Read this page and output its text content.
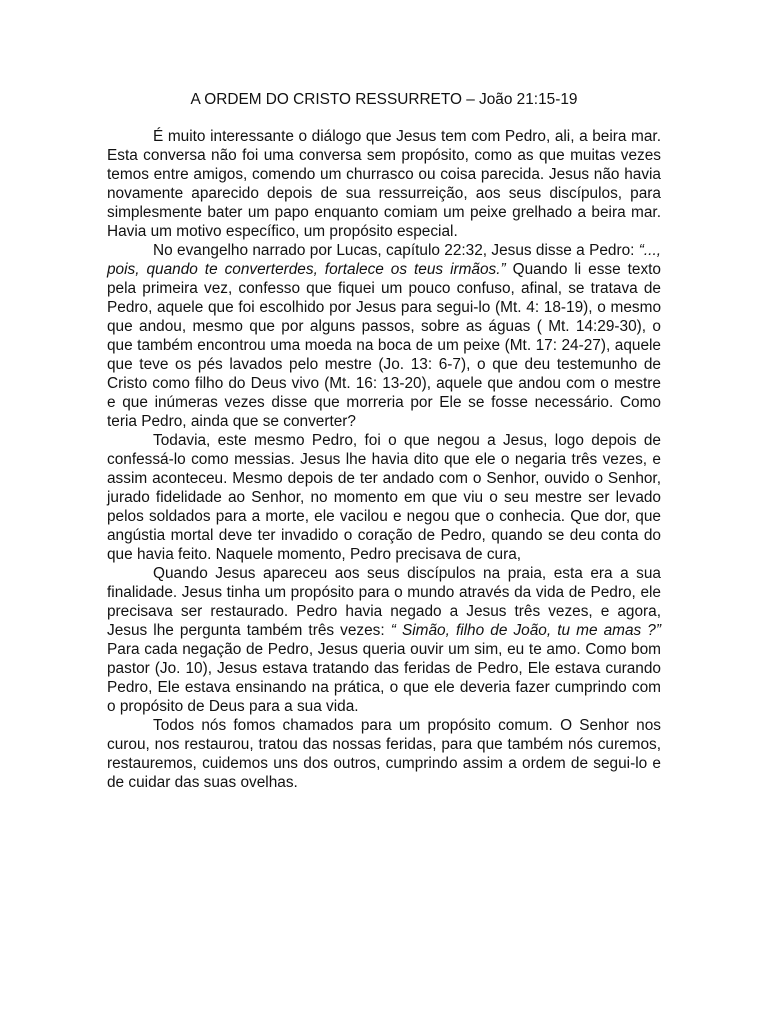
A ORDEM DO CRISTO RESSURRETO – João 21:15-19

É muito interessante o diálogo que Jesus tem com Pedro, ali, a beira mar. Esta conversa não foi uma conversa sem propósito, como as que muitas vezes temos entre amigos, comendo um churrasco ou coisa parecida. Jesus não havia novamente aparecido depois de sua ressurreição, aos seus discípulos, para simplesmente bater um papo enquanto comiam um peixe grelhado a beira mar. Havia um motivo específico, um propósito especial.

No evangelho narrado por Lucas, capítulo 22:32, Jesus disse a Pedro: “..., pois, quando te converterdes, fortalece os teus irmãos.” Quando li esse texto pela primeira vez, confesso que fiquei um pouco confuso, afinal, se tratava de Pedro, aquele que foi escolhido por Jesus para segui-lo (Mt. 4: 18-19), o mesmo que andou, mesmo que por alguns passos, sobre as águas ( Mt. 14:29-30), o que também encontrou uma moeda na boca de um peixe (Mt. 17: 24-27), aquele que teve os pés lavados pelo mestre (Jo. 13: 6-7), o que deu testemunho de Cristo como filho do Deus vivo (Mt. 16: 13-20), aquele que andou com o mestre e que inúmeras vezes disse que morreria por Ele se fosse necessário. Como teria Pedro, ainda que se converter?

Todavia, este mesmo Pedro, foi o que negou a Jesus, logo depois de confessá-lo como messias. Jesus lhe havia dito que ele o negaria três vezes, e assim aconteceu. Mesmo depois de ter andado com o Senhor, ouvido o Senhor, jurado fidelidade ao Senhor, no momento em que viu o seu mestre ser levado pelos soldados para a morte, ele vacilou e negou que o conhecia. Que dor, que angústia mortal deve ter invadido o coração de Pedro, quando se deu conta do que havia feito. Naquele momento, Pedro precisava de cura,

Quando Jesus apareceu aos seus discípulos na praia, esta era a sua finalidade. Jesus tinha um propósito para o mundo através da vida de Pedro, ele precisava ser restaurado. Pedro havia negado a Jesus três vezes, e agora, Jesus lhe pergunta também três vezes: “ Simão, filho de João, tu me amas ?” Para cada negação de Pedro, Jesus queria ouvir um sim, eu te amo. Como bom pastor (Jo. 10), Jesus estava tratando das feridas de Pedro, Ele estava curando Pedro, Ele estava ensinando na prática, o que ele deveria fazer cumprindo com o propósito de Deus para a sua vida.

Todos nós fomos chamados para um propósito comum. O Senhor nos curou, nos restaurou, tratou das nossas feridas, para que também nós curemos, restauremos, cuidemos uns dos outros, cumprindo assim a ordem de segui-lo e de cuidar das suas ovelhas.
